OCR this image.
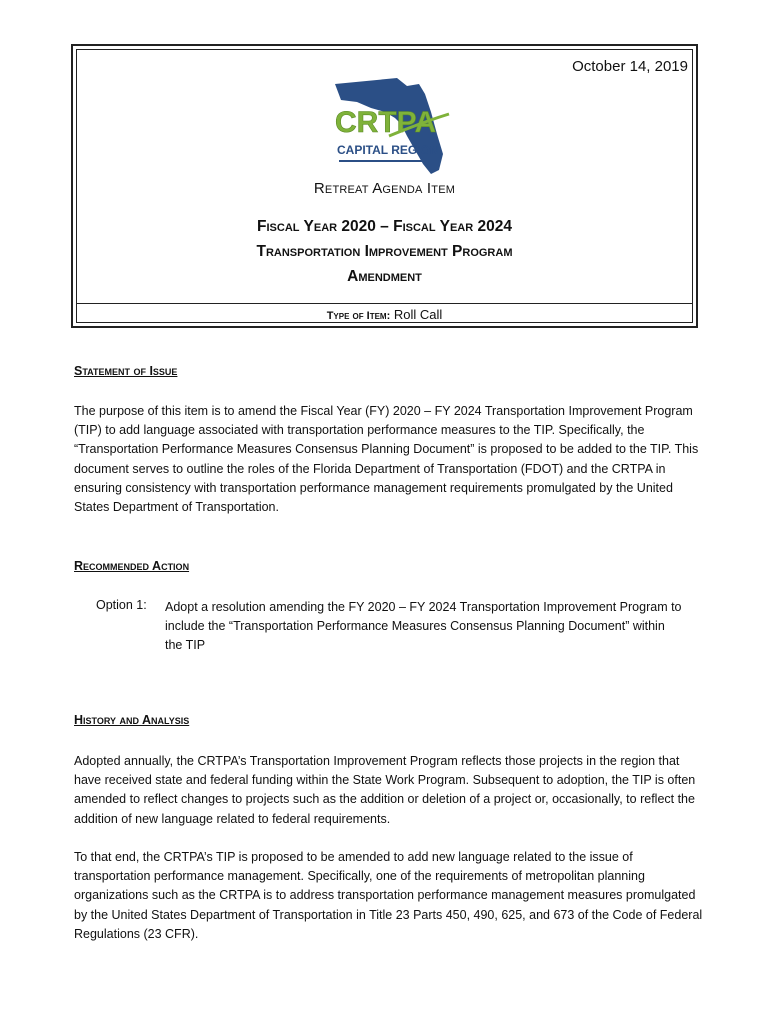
October 14, 2019
CRTPA
CAPITAL REGION
Retreat Agenda Item
Fiscal Year 2020 – Fiscal Year 2024
Transportation Improvement Program
Amendment
Type of Item: Roll Call
Statement of Issue
The purpose of this item is to amend the Fiscal Year (FY) 2020 – FY 2024 Transportation Improvement Program (TIP) to add language associated with transportation performance measures to the TIP. Specifically, the “Transportation Performance Measures Consensus Planning Document” is proposed to be added to the TIP. This document serves to outline the roles of the Florida Department of Transportation (FDOT) and the CRTPA in ensuring consistency with transportation performance management requirements promulgated by the United States Department of Transportation.
Recommended Action
Option 1: Adopt a resolution amending the FY 2020 – FY 2024 Transportation Improvement Program to include the “Transportation Performance Measures Consensus Planning Document” within the TIP
History and Analysis
Adopted annually, the CRTPA’s Transportation Improvement Program reflects those projects in the region that have received state and federal funding within the State Work Program. Subsequent to adoption, the TIP is often amended to reflect changes to projects such as the addition or deletion of a project or, occasionally, to reflect the addition of new language related to federal requirements.
To that end, the CRTPA’s TIP is proposed to be amended to add new language related to the issue of transportation performance management. Specifically, one of the requirements of metropolitan planning organizations such as the CRTPA is to address transportation performance management measures promulgated by the United States Department of Transportation in Title 23 Parts 450, 490, 625, and 673 of the Code of Federal Regulations (23 CFR).
